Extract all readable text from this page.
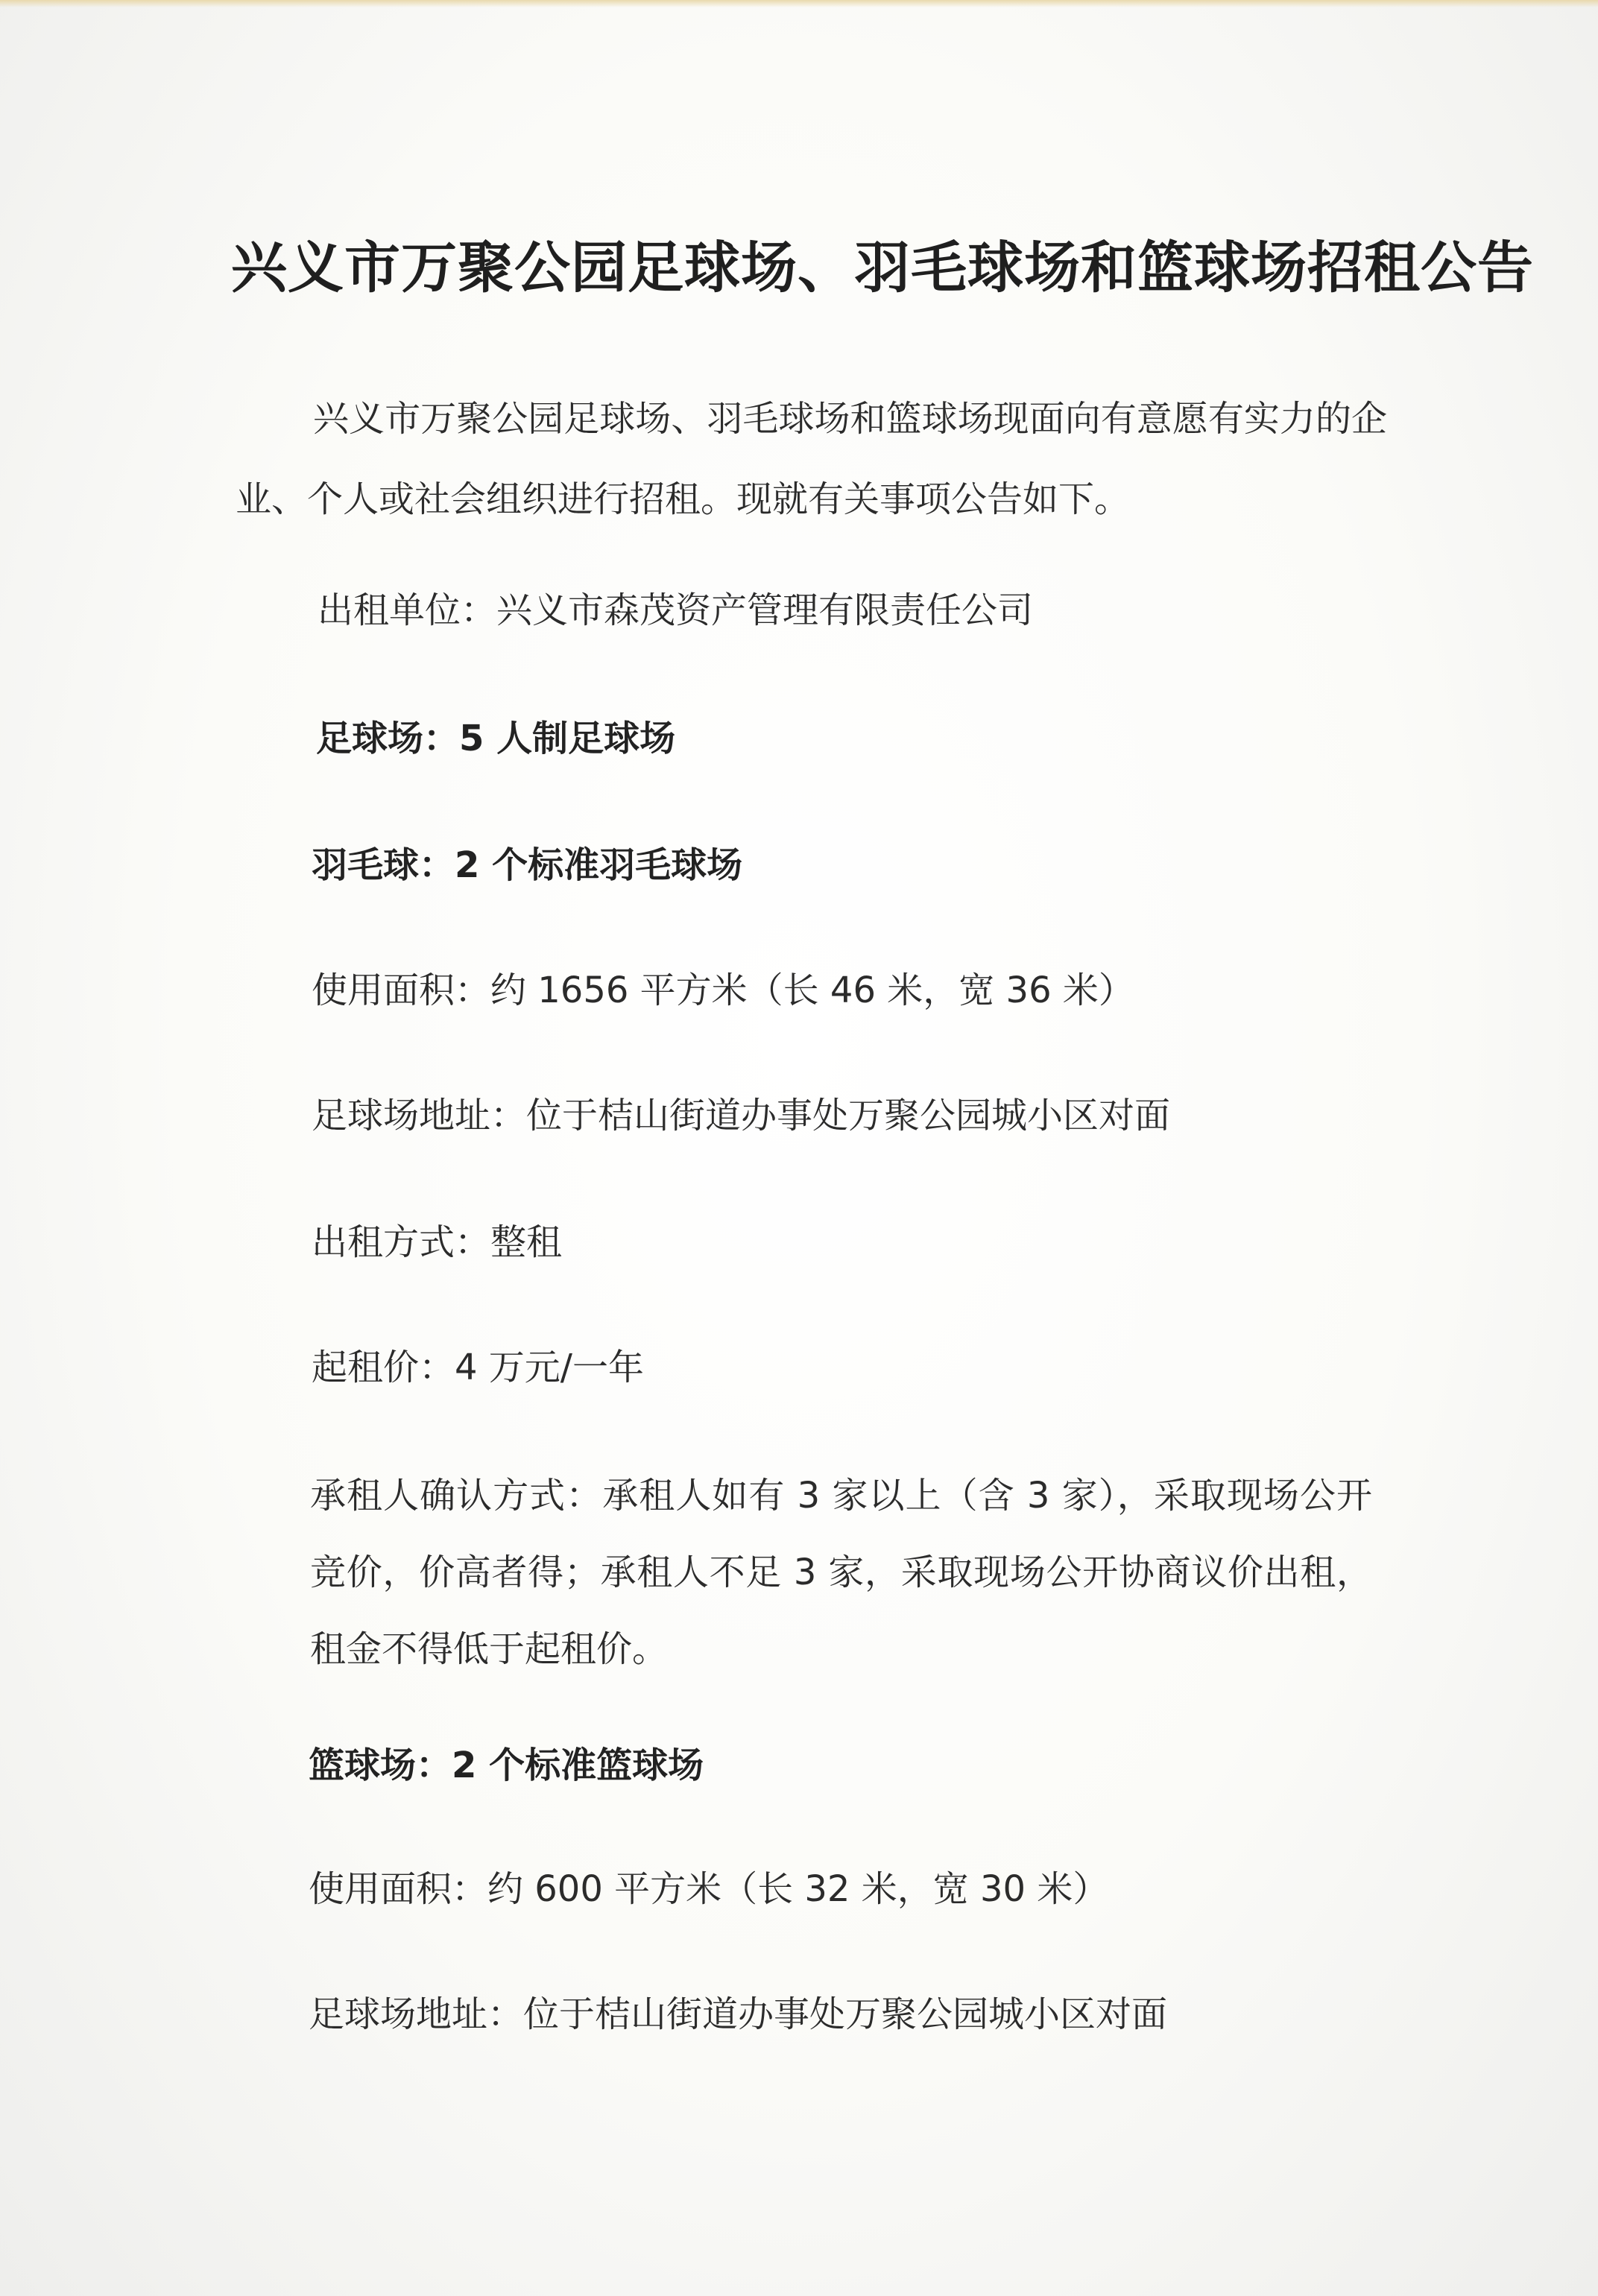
兴义市万聚公园足球场、羽毛球场和篮球场招租公告
兴义市万聚公园足球场、羽毛球场和篮球场现面向有意愿有实力的企业、个人或社会组织进行招租。现就有关事项公告如下。
出租单位：兴义市森茂资产管理有限责任公司
足球场：5 人制足球场
羽毛球：2 个标准羽毛球场
使用面积：约 1656 平方米（长 46 米，宽 36 米）
足球场地址：位于桔山街道办事处万聚公园城小区对面
出租方式：整租
起租价：4 万元/一年
承租人确认方式：承租人如有 3 家以上（含 3 家），采取现场公开竞价，价高者得；承租人不足 3 家，采取现场公开协商议价出租，租金不得低于起租价。
篮球场：2 个标准篮球场
使用面积：约 600 平方米（长 32 米，宽 30 米）
足球场地址：位于桔山街道办事处万聚公园城小区对面
